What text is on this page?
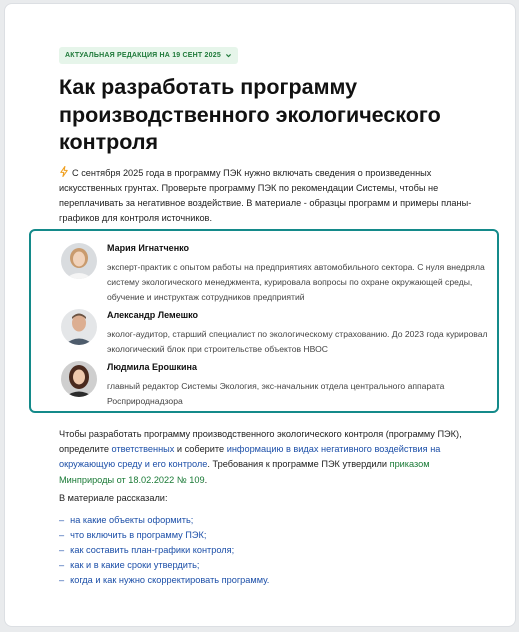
АКТУАЛЬНАЯ РЕДАКЦИЯ НА 19 СЕНТ 2025
Как разработать программу производственного экологического контроля

С сентября 2025 года в программу ПЭК нужно включать сведения о произведенных искусственных грунтах. Проверьте программу ПЭК по рекомендации Системы, чтобы не переплачивать за негативное воздействие. В материале - образцы программ и примеры планы-графиков для контроля источников.

Мария Игнатченко
эксперт-практик с опытом работы на предприятиях автомобильного сектора. С нуля внедряла систему экологического менеджмента, курировала вопросы по охране окружающей среды, обучение и инструктаж сотрудников предприятий
Александр Лемешко
эколог-аудитор, старший специалист по экологическому страхованию. До 2023 года курировал экологический блок при строительстве объектов НВОС
Людмила Ерошкина
главный редактор Системы Экология, экс-начальник отдела центрального аппарата Росприроднадзора

Чтобы разработать программу производственного экологического контроля (программу ПЭК), определите ответственных и соберите информацию в видах негативного воздействия на окружающую среду и его контроле. Требования к программе ПЭК утвердили приказом Минприроды от 18.02.2022 № 109.

В материале рассказали:
– на какие объекты оформить;
– что включить в программу ПЭК;
– как составить план-графики контроля;
– как и в какие сроки утвердить;
– когда и как нужно скорректировать программу.
